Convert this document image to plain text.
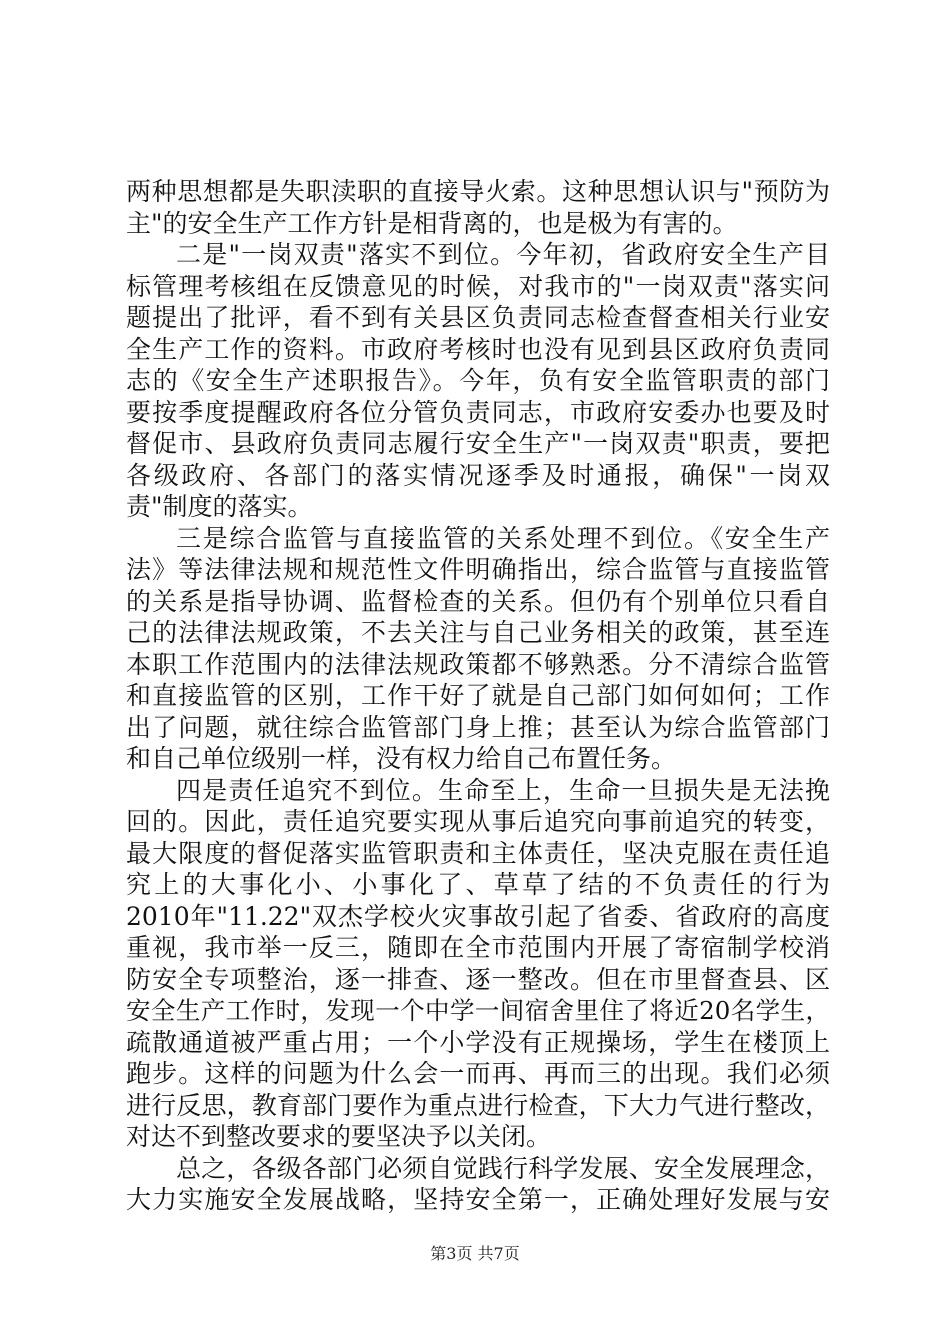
两种思想都是失职渎职的直接导火索。这种思想认识与"预防为
主"的安全生产工作方针是相背离的，也是极为有害的。
二是"一岗双责"落实不到位。今年初，省政府安全生产目
标管理考核组在反馈意见的时候，对我市的"一岗双责"落实问
题提出了批评，看不到有关县区负责同志检查督查相关行业安
全生产工作的资料。市政府考核时也没有见到县区政府负责同
志的《安全生产述职报告》。今年，负有安全监管职责的部门
要按季度提醒政府各位分管负责同志，市政府安委办也要及时
督促市、县政府负责同志履行安全生产"一岗双责"职责，要把
各级政府、各部门的落实情况逐季及时通报，确保"一岗双
责"制度的落实。
三是综合监管与直接监管的关系处理不到位。《安全生产
法》等法律法规和规范性文件明确指出，综合监管与直接监管
的关系是指导协调、监督检查的关系。但仍有个别单位只看自
己的法律法规政策，不去关注与自己业务相关的政策，甚至连
本职工作范围内的法律法规政策都不够熟悉。分不清综合监管
和直接监管的区别，工作干好了就是自己部门如何如何；工作
出了问题，就往综合监管部门身上推；甚至认为综合监管部门
和自己单位级别一样，没有权力给自己布置任务。
四是责任追究不到位。生命至上，生命一旦损失是无法挽
回的。因此，责任追究要实现从事后追究向事前追究的转变，
最大限度的督促落实监管职责和主体责任，坚决克服在责任追
究上的大事化小、小事化了、草草了结的不负责任的行为
2010年"11.22"双杰学校火灾事故引起了省委、省政府的高度
重视，我市举一反三，随即在全市范围内开展了寄宿制学校消
防安全专项整治，逐一排查、逐一整改。但在市里督查县、区
安全生产工作时，发现一个中学一间宿舍里住了将近20名学生，
疏散通道被严重占用；一个小学没有正规操场，学生在楼顶上
跑步。这样的问题为什么会一而再、再而三的出现。我们必须
进行反思，教育部门要作为重点进行检查，下大力气进行整改，
对达不到整改要求的要坚决予以关闭。
总之，各级各部门必须自觉践行科学发展、安全发展理念，
大力实施安全发展战略，坚持安全第一，正确处理好发展与安
第3页 共7页
